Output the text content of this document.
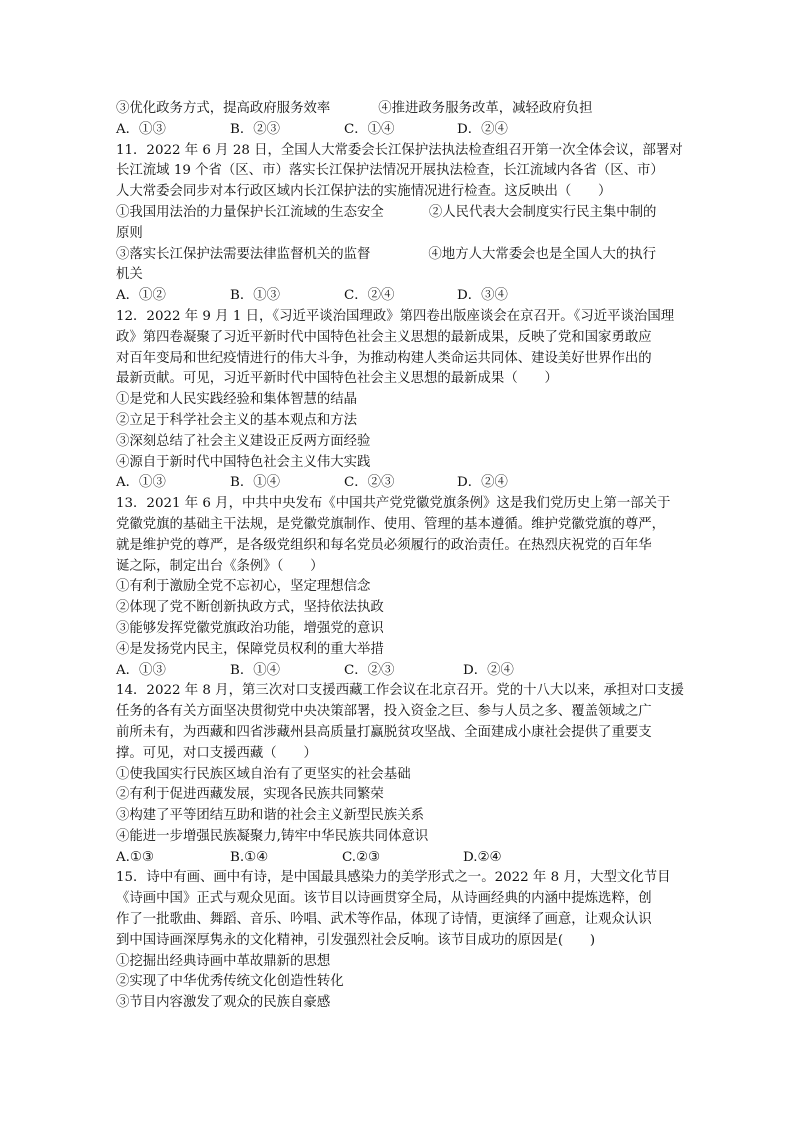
③优化政务方式，提高政府服务效率	④推进政务服务改革，减轻政府负担
A．①③	B．②③	C．①④	D．②④
11．2022 年 6 月 28 日，全国人大常委会长江保护法执法检查组召开第一次全体会议，部署对
长江流域 19 个省（区、市）落实长江保护法情况开展执法检查，长江流域内各省（区、市）
人大常委会同步对本行政区域内长江保护法的实施情况进行检查。这反映出（　　）
①我国用法治的力量保护长江流域的生态安全	②人民代表大会制度实行民主集中制的
原则
③落实长江保护法需要法律监督机关的监督	④地方人大常委会也是全国人大的执行
机关
A．①②	B．①③	C．②④	D．③④
12．2022 年 9 月 1 日，《习近平谈治国理政》第四卷出版座谈会在京召开。《习近平谈治国理
政》第四卷凝聚了习近平新时代中国特色社会主义思想的最新成果，反映了党和国家勇敢应
对百年变局和世纪疫情进行的伟大斗争，为推动构建人类命运共同体、建设美好世界作出的
最新贡献。可见，习近平新时代中国特色社会主义思想的最新成果（　　）
①是党和人民实践经验和集体智慧的结晶
②立足于科学社会主义的基本观点和方法
③深刻总结了社会主义建设正反两方面经验
④源自于新时代中国特色社会主义伟大实践
A．①③	B．①④	C．②③	D．②④
13．2021 年 6 月，中共中央发布《中国共产党党徽党旗条例》这是我们党历史上第一部关于
党徽党旗的基础主干法规，是党徽党旗制作、使用、管理的基本遵循。维护党徽党旗的尊严，
就是维护党的尊严，是各级党组织和每名党员必须履行的政治责任。在热烈庆祝党的百年华
诞之际，制定出台《条例》（　　）
①有利于激励全党不忘初心，坚定理想信念
②体现了党不断创新执政方式，坚持依法执政
③能够发挥党徽党旗政治功能，增强党的意识
④是发扬党内民主，保障党员权利的重大举措
A．①③	B．①④	C．②③	D．②④
14．2022 年 8 月，第三次对口支援西藏工作会议在北京召开。党的十八大以来，承担对口支援
任务的各有关方面坚决贯彻党中央决策部署，投入资金之巨、参与人员之多、覆盖领域之广
前所未有，为西藏和四省涉藏州县高质量打赢脱贫攻坚战、全面建成小康社会提供了重要支
撑。可见，对口支援西藏（　　）
①使我国实行民族区域自治有了更坚实的社会基础
②有利于促进西藏发展，实现各民族共同繁荣
③构建了平等团结互助和谐的社会主义新型民族关系
④能进一步增强民族凝聚力,铸牢中华民族共同体意识
A.①③	B.①④	C.②③	D.②④
15．诗中有画、画中有诗，是中国最具感染力的美学形式之一。2022 年 8 月，大型文化节目
《诗画中国》正式与观众见面。该节目以诗画贯穿全局，从诗画经典的内涵中提炼选粹，创
作了一批歌曲、舞蹈、音乐、吟唱、武术等作品，体现了诗情，更演绎了画意，让观众认识
到中国诗画深厚隽永的文化精神，引发强烈社会反响。该节目成功的原因是(　　)
①挖掘出经典诗画中革故鼎新的思想
②实现了中华优秀传统文化创造性转化
③节目内容激发了观众的民族自豪感
